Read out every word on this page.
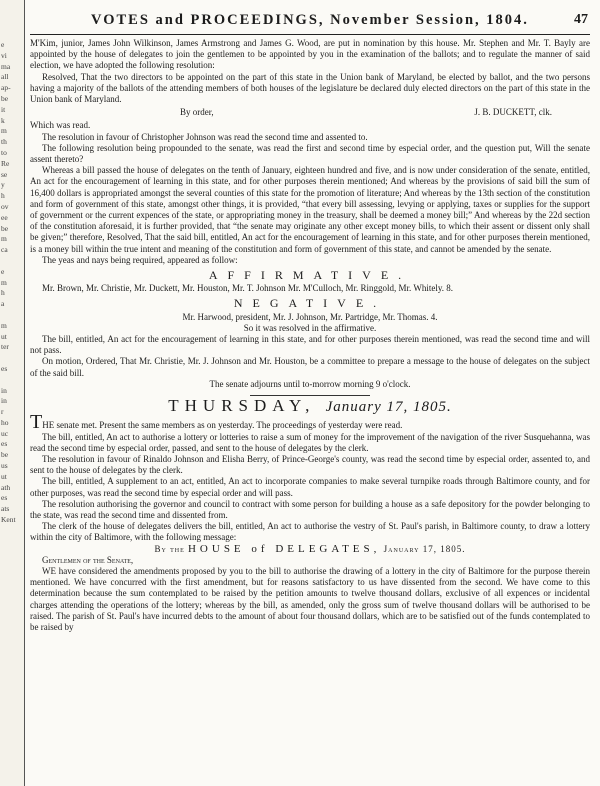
e
vi
ma
all
ap-
be
it
k
m
th
to
Re
se
y
h
ov
ee
be
m
ca

e
m
h
a

m
ut
ter

es

in
in
r
ho
uc
es
be
us
ut
ath
es
ats
Kent
VOTES and PROCEEDINGS, November Session, 1804.	47

M'Kim, junior, James John Wilkinson, James Armstrong and James G. Wood, are put in nomination by this house. Mr. Stephen and Mr. T. Bayly are appointed by the house of delegates to join the gentlemen to be appointed by you in the examination of the ballots; and to regulate the manner of said election, we have adopted the following resolution:

Resolved, That the two directors to be appointed on the part of this state in the Union bank of Maryland, be elected by ballot, and the two persons having a majority of the ballots of the attending members of both houses of the legislature be declared duly elected directors on the part of this state in the Union bank of Maryland.

By order,	J. B. DUCKETT, clk.

Which was read.

The resolution in favour of Christopher Johnson was read the second time and assented to.

The following resolution being propounded to the senate, was read the first and second time by especial order, and the question put, Will the senate assent thereto?

Whereas a bill passed the house of delegates on the tenth of January, eighteen hundred and five, and is now under consideration of the senate, entitled, An act for the encouragement of learning in this state, and for other purposes therein mentioned; And whereas by the provisions of said bill the sum of 16,400 dollars is appropriated amongst the several counties of this state for the promotion of literature; And whereas by the 13th section of the constitution and form of government of this state, amongst other things, it is provided, “that every bill assessing, levying or applying, taxes or supplies for the support of government or the current expences of the state, or appropriating money in the treasury, shall be deemed a money bill;” And whereas by the 22d section of the constitution aforesaid, it is further provided, that “the senate may originate any other except money bills, to which their assent or dissent only shall be given;” therefore, Resolved, That the said bill, entitled, An act for the encouragement of learning in this state, and for other purposes therein mentioned, is a money bill within the true intent and meaning of the constitution and form of government of this state, and cannot be amended by the senate.

The yeas and nays being required, appeared as follow:

AFFIRMATIVE.

Mr. Brown, Mr. Christie, Mr. Duckett, Mr. Houston, Mr. T. Johnson Mr. M'Culloch, Mr. Ringgold, Mr. Whitely. 8.

NEGATIVE.

Mr. Harwood, president, Mr. J. Johnson, Mr. Partridge, Mr. Thomas. 4.

So it was resolved in the affirmative.

The bill, entitled, An act for the encouragement of learning in this state, and for other purposes therein mentioned, was read the second time and will not pass.

On motion, Ordered, That Mr. Christie, Mr. J. Johnson and Mr. Houston, be a committee to prepare a message to the house of delegates on the subject of the said bill.

The senate adjourns until to-morrow morning 9 o'clock.

THURSDAY, January 17, 1805.

THE senate met. Present the same members as on yesterday. The proceedings of yesterday were read.

The bill, entitled, An act to authorise a lottery or lotteries to raise a sum of money for the improvement of the navigation of the river Susquehanna, was read the second time by especial order, passed, and sent to the house of delegates by the clerk.

The resolution in favour of Rinaldo Johnson and Elisha Berry, of Prince-George's county, was read the second time by especial order, assented to, and sent to the house of delegates by the clerk.

The bill, entitled, A supplement to an act, entitled, An act to incorporate companies to make several turnpike roads through Baltimore county, and for other purposes, was read the second time by especial order and will pass.

The resolution authorising the governor and council to contract with some person for building a house as a safe depository for the powder belonging to the state, was read the second time and dissented from.

The clerk of the house of delegates delivers the bill, entitled, An act to authorise the vestry of St. Paul's parish, in Baltimore county, to draw a lottery within the city of Baltimore, with the following message:

By the HOUSE of DELEGATES, January 17, 1805.

Gentlemen of the Senate,

WE have considered the amendments proposed by you to the bill to authorise the drawing of a lottery in the city of Baltimore for the purpose therein mentioned. We have concurred with the first amendment, but for reasons satisfactory to us have dissented from the second. We have come to this determination because the sum contemplated to be raised by the petition amounts to twelve thousand dollars, exclusive of all expences or incidental charges attending the operations of the lottery; whereas by the bill, as amended, only the gross sum of twelve thousand dollars will be authorised to be raised. The parish of St. Paul's have incurred debts to the amount of about four thousand dollars, which are to be satisfied out of the funds contemplated to be raised by
